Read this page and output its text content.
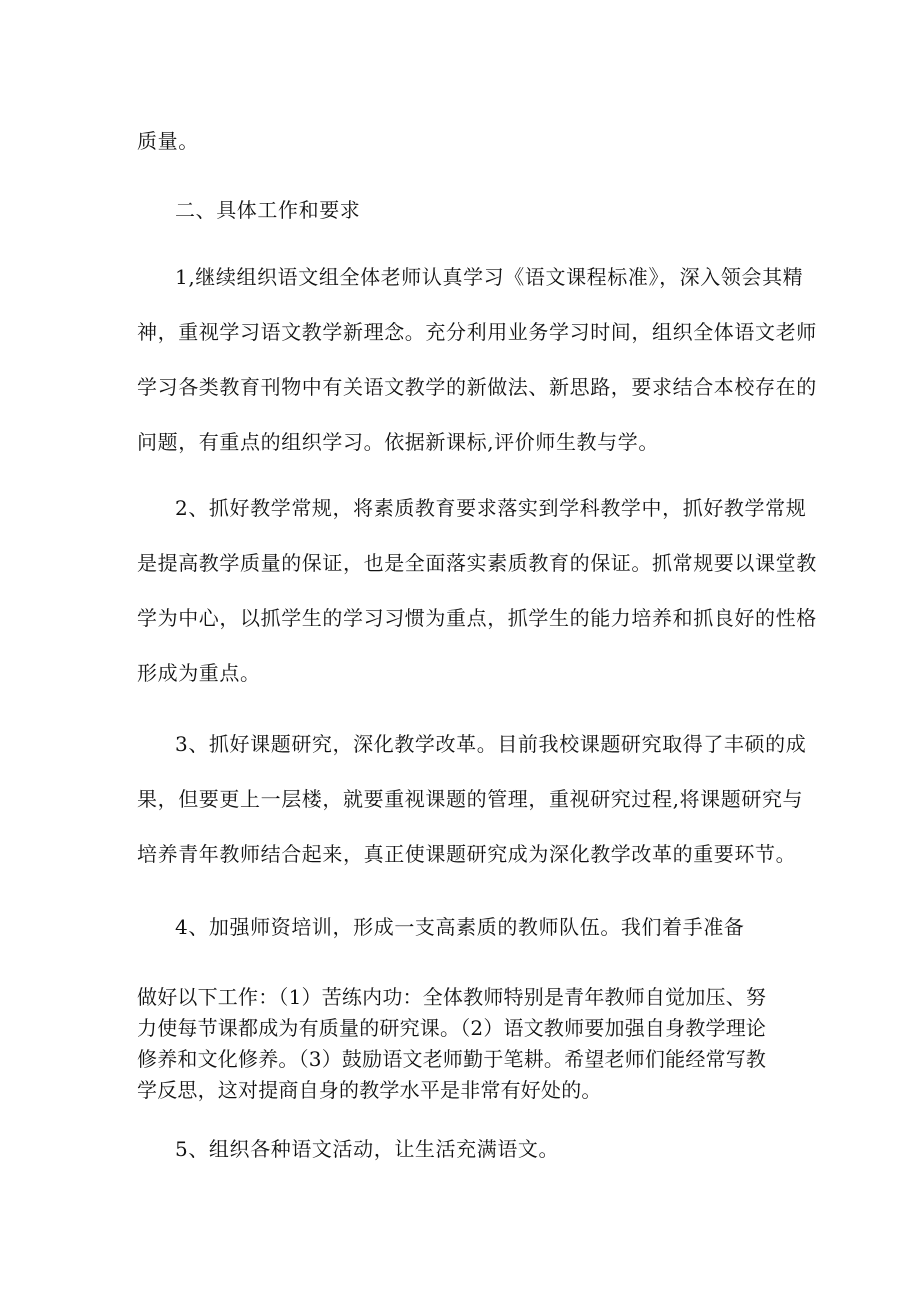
质量。
二、具体工作和要求
1,继续组织语文组全体老师认真学习《语文课程标准》，深入领会其精
神，重视学习语文教学新理念。充分利用业务学习时间，组织全体语文老师
学习各类教育刊物中有关语文教学的新做法、新思路，要求结合本校存在的
问题，有重点的组织学习。依据新课标,评价师生教与学。
2、抓好教学常规，将素质教育要求落实到学科教学中，抓好教学常规
是提高教学质量的保证，也是全面落实素质教育的保证。抓常规要以课堂教
学为中心，以抓学生的学习习惯为重点，抓学生的能力培养和抓良好的性格
形成为重点。
3、抓好课题研究，深化教学改革。目前我校课题研究取得了丰硕的成
果，但要更上一层楼，就要重视课题的管理，重视研究过程,将课题研究与
培养青年教师结合起来，真正使课题研究成为深化教学改革的重要环节。
4、加强师资培训，形成一支高素质的教师队伍。我们着手准备
做好以下工作：（1）苦练内功：全体教师特别是青年教师自觉加压、努
力使每节课都成为有质量的研究课。（2）语文教师要加强自身教学理论
修养和文化修养。（3）鼓励语文老师勤于笔耕。希望老师们能经常写教
学反思，这对提商自身的教学水平是非常有好处的。
5、组织各种语文活动，让生活充满语文。
